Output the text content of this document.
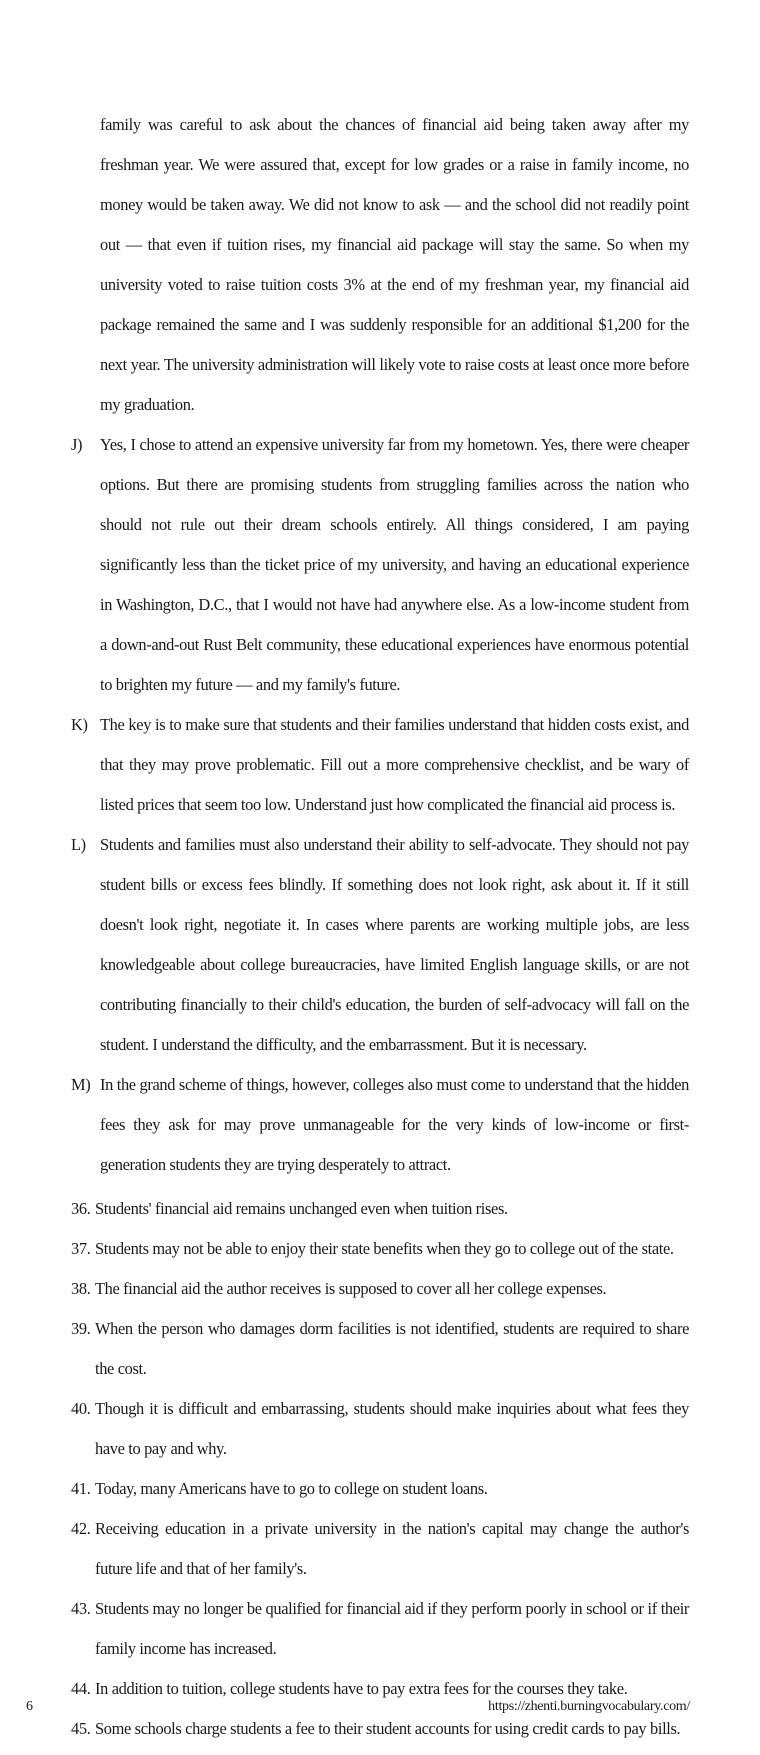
family was careful to ask about the chances of financial aid being taken away after my freshman year. We were assured that, except for low grades or a raise in family income, no money would be taken away. We did not know to ask — and the school did not readily point out — that even if tuition rises, my financial aid package will stay the same. So when my university voted to raise tuition costs 3% at the end of my freshman year, my financial aid package remained the same and I was suddenly responsible for an additional $1,200 for the next year. The university administration will likely vote to raise costs at least once more before my graduation.
J)	Yes, I chose to attend an expensive university far from my hometown. Yes, there were cheaper options. But there are promising students from struggling families across the nation who should not rule out their dream schools entirely. All things considered, I am paying significantly less than the ticket price of my university, and having an educational experience in Washington, D.C., that I would not have had anywhere else. As a low-income student from a down-and-out Rust Belt community, these educational experiences have enormous potential to brighten my future — and my family's future.
K) The key is to make sure that students and their families understand that hidden costs exist, and that they may prove problematic. Fill out a more comprehensive checklist, and be wary of listed prices that seem too low. Understand just how complicated the financial aid process is.
L) Students and families must also understand their ability to self-advocate. They should not pay student bills or excess fees blindly. If something does not look right, ask about it. If it still doesn't look right, negotiate it. In cases where parents are working multiple jobs, are less knowledgeable about college bureaucracies, have limited English language skills, or are not contributing financially to their child's education, the burden of self-advocacy will fall on the student. I understand the difficulty, and the embarrassment. But it is necessary.
M) In the grand scheme of things, however, colleges also must come to understand that the hidden fees they ask for may prove unmanageable for the very kinds of low-income or first-generation students they are trying desperately to attract.
36. Students' financial aid remains unchanged even when tuition rises.
37. Students may not be able to enjoy their state benefits when they go to college out of the state.
38. The financial aid the author receives is supposed to cover all her college expenses.
39. When the person who damages dorm facilities is not identified, students are required to share the cost.
40. Though it is difficult and embarrassing, students should make inquiries about what fees they have to pay and why.
41. Today, many Americans have to go to college on student loans.
42. Receiving education in a private university in the nation's capital may change the author's future life and that of her family's.
43. Students may no longer be qualified for financial aid if they perform poorly in school or if their family income has increased.
44. In addition to tuition, college students have to pay extra fees for the courses they take.
45. Some schools charge students a fee to their student accounts for using credit cards to pay bills.
6	https://zhenti.burningvocabulary.com/
